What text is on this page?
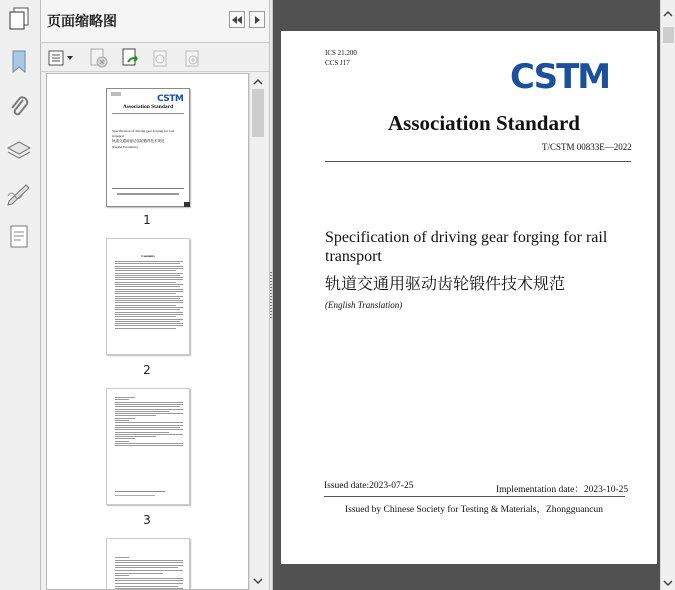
页面缩略图
CSTM
Association Standard
Specification of driving gear forging for rail transport
轨道交通用驱动齿轮锻件技术规范
(English Translation)
1
Contents
2
3
ICS 21.200
CCS J17	CSTM
Association Standard
T/CSTM 00833E—2022
Specification of driving gear forging for rail transport
轨道交通用驱动齿轮锻件技术规范
(English Translation)
Issued date:2023-07-25	Implementation date：2023-10-25
Issued by Chinese Society for Testing & Materials，Zhongguancun
